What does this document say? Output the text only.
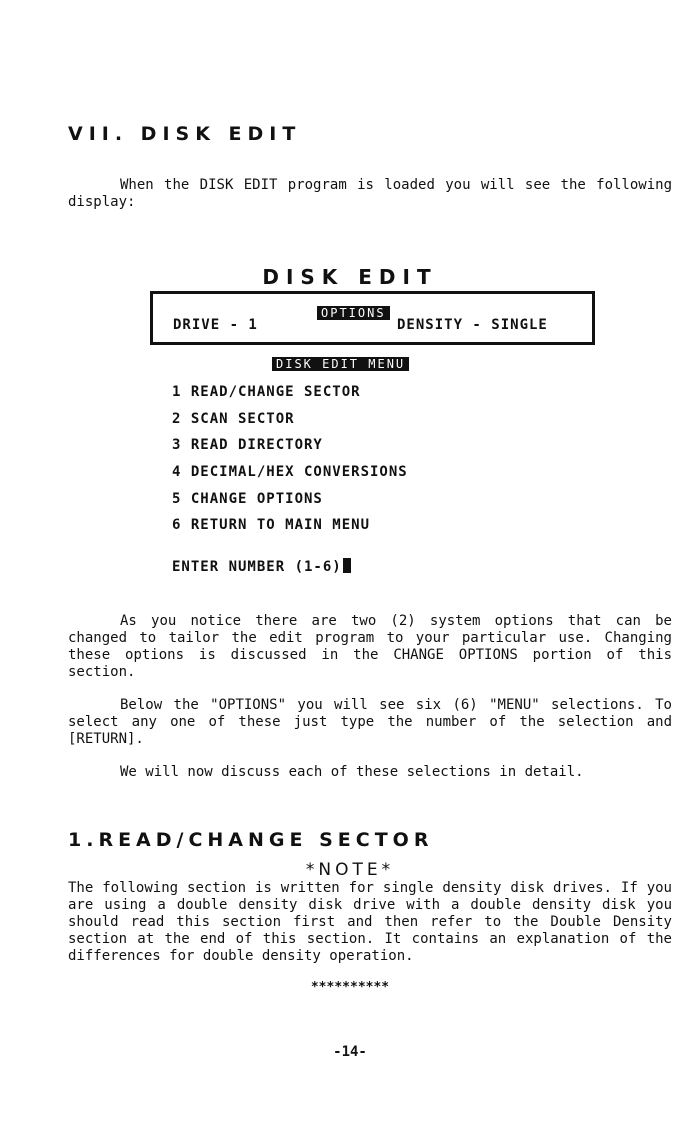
VII. DISK EDIT

When the DISK EDIT program is loaded you will see the following display:

DISK EDIT
OPTIONS
DRIVE - 1	DENSITY - SINGLE
DISK EDIT MENU
1 READ/CHANGE SECTOR
2 SCAN SECTOR
3 READ DIRECTORY
4 DECIMAL/HEX CONVERSIONS
5 CHANGE OPTIONS
6 RETURN TO MAIN MENU
ENTER NUMBER (1-6)

As you notice there are two (2) system options that can be changed to tailor the edit program to your particular use. Changing these options is discussed in the CHANGE OPTIONS portion of this section.

Below the "OPTIONS" you will see six (6) "MENU" selections. To select any one of these just type the number of the selection and [RETURN].

We will now discuss each of these selections in detail.

1.READ/CHANGE SECTOR
*NOTE*

The following section is written for single density disk drives. If you are using a double density disk drive with a double density disk you should read this section first and then refer to the Double Density section at the end of this section. It contains an explanation of the differences for double density operation.

**********
-14-
